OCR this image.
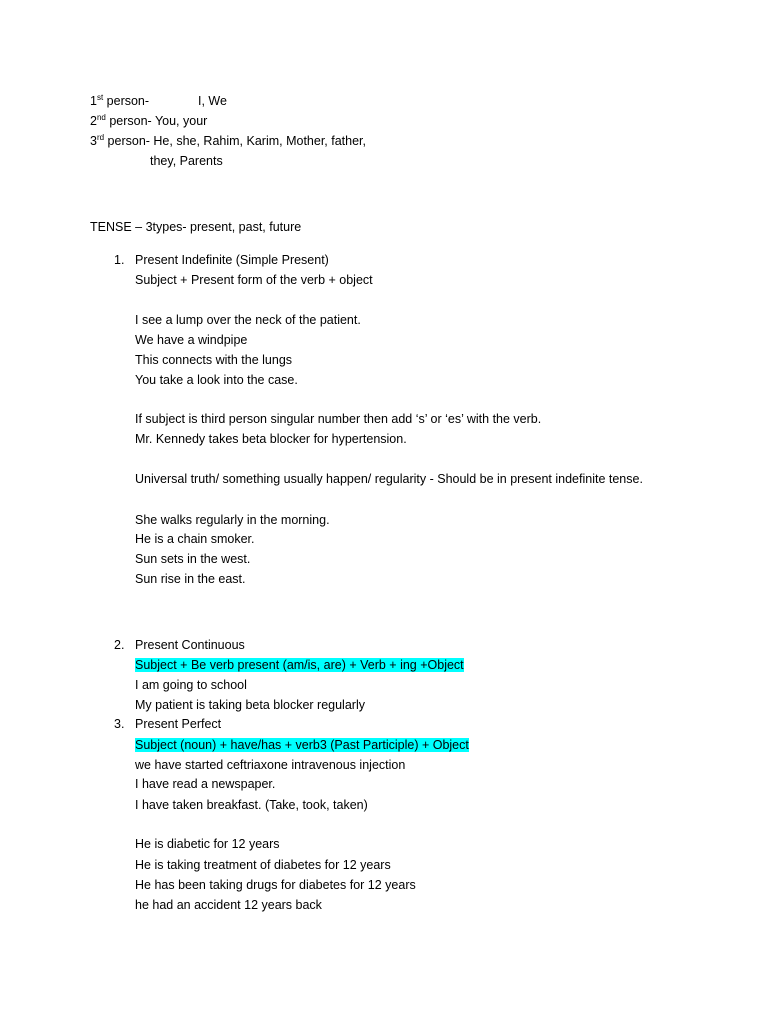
1st person-	I, We
2nd person- You, your
3rd person- He, she, Rahim, Karim, Mother, father,
they, Parents
TENSE – 3types- present, past, future
1. Present Indefinite (Simple Present)
Subject + Present form of the verb + object
I see a lump over the neck of the patient.
We have a windpipe
This connects with the lungs
You take a look into the case.
If subject is third person singular number then add ‘s’ or ‘es’ with the verb.
Mr. Kennedy takes beta blocker for hypertension.
Universal truth/ something usually happen/ regularity - Should be in present indefinite tense.
She walks regularly in the morning.
He is a chain smoker.
Sun sets in the west.
Sun rise in the east.
2. Present Continuous
Subject + Be verb present (am/is, are) + Verb + ing +Object
I am going to school
My patient is taking beta blocker regularly
3. Present Perfect
Subject (noun) + have/has + verb3 (Past Participle) + Object
we have started ceftriaxone intravenous injection
I have read a newspaper.
I have taken breakfast. (Take, took, taken)
He is diabetic for 12 years
He is taking treatment of diabetes for 12 years
He has been taking drugs for diabetes for 12 years
he had an accident 12 years back
